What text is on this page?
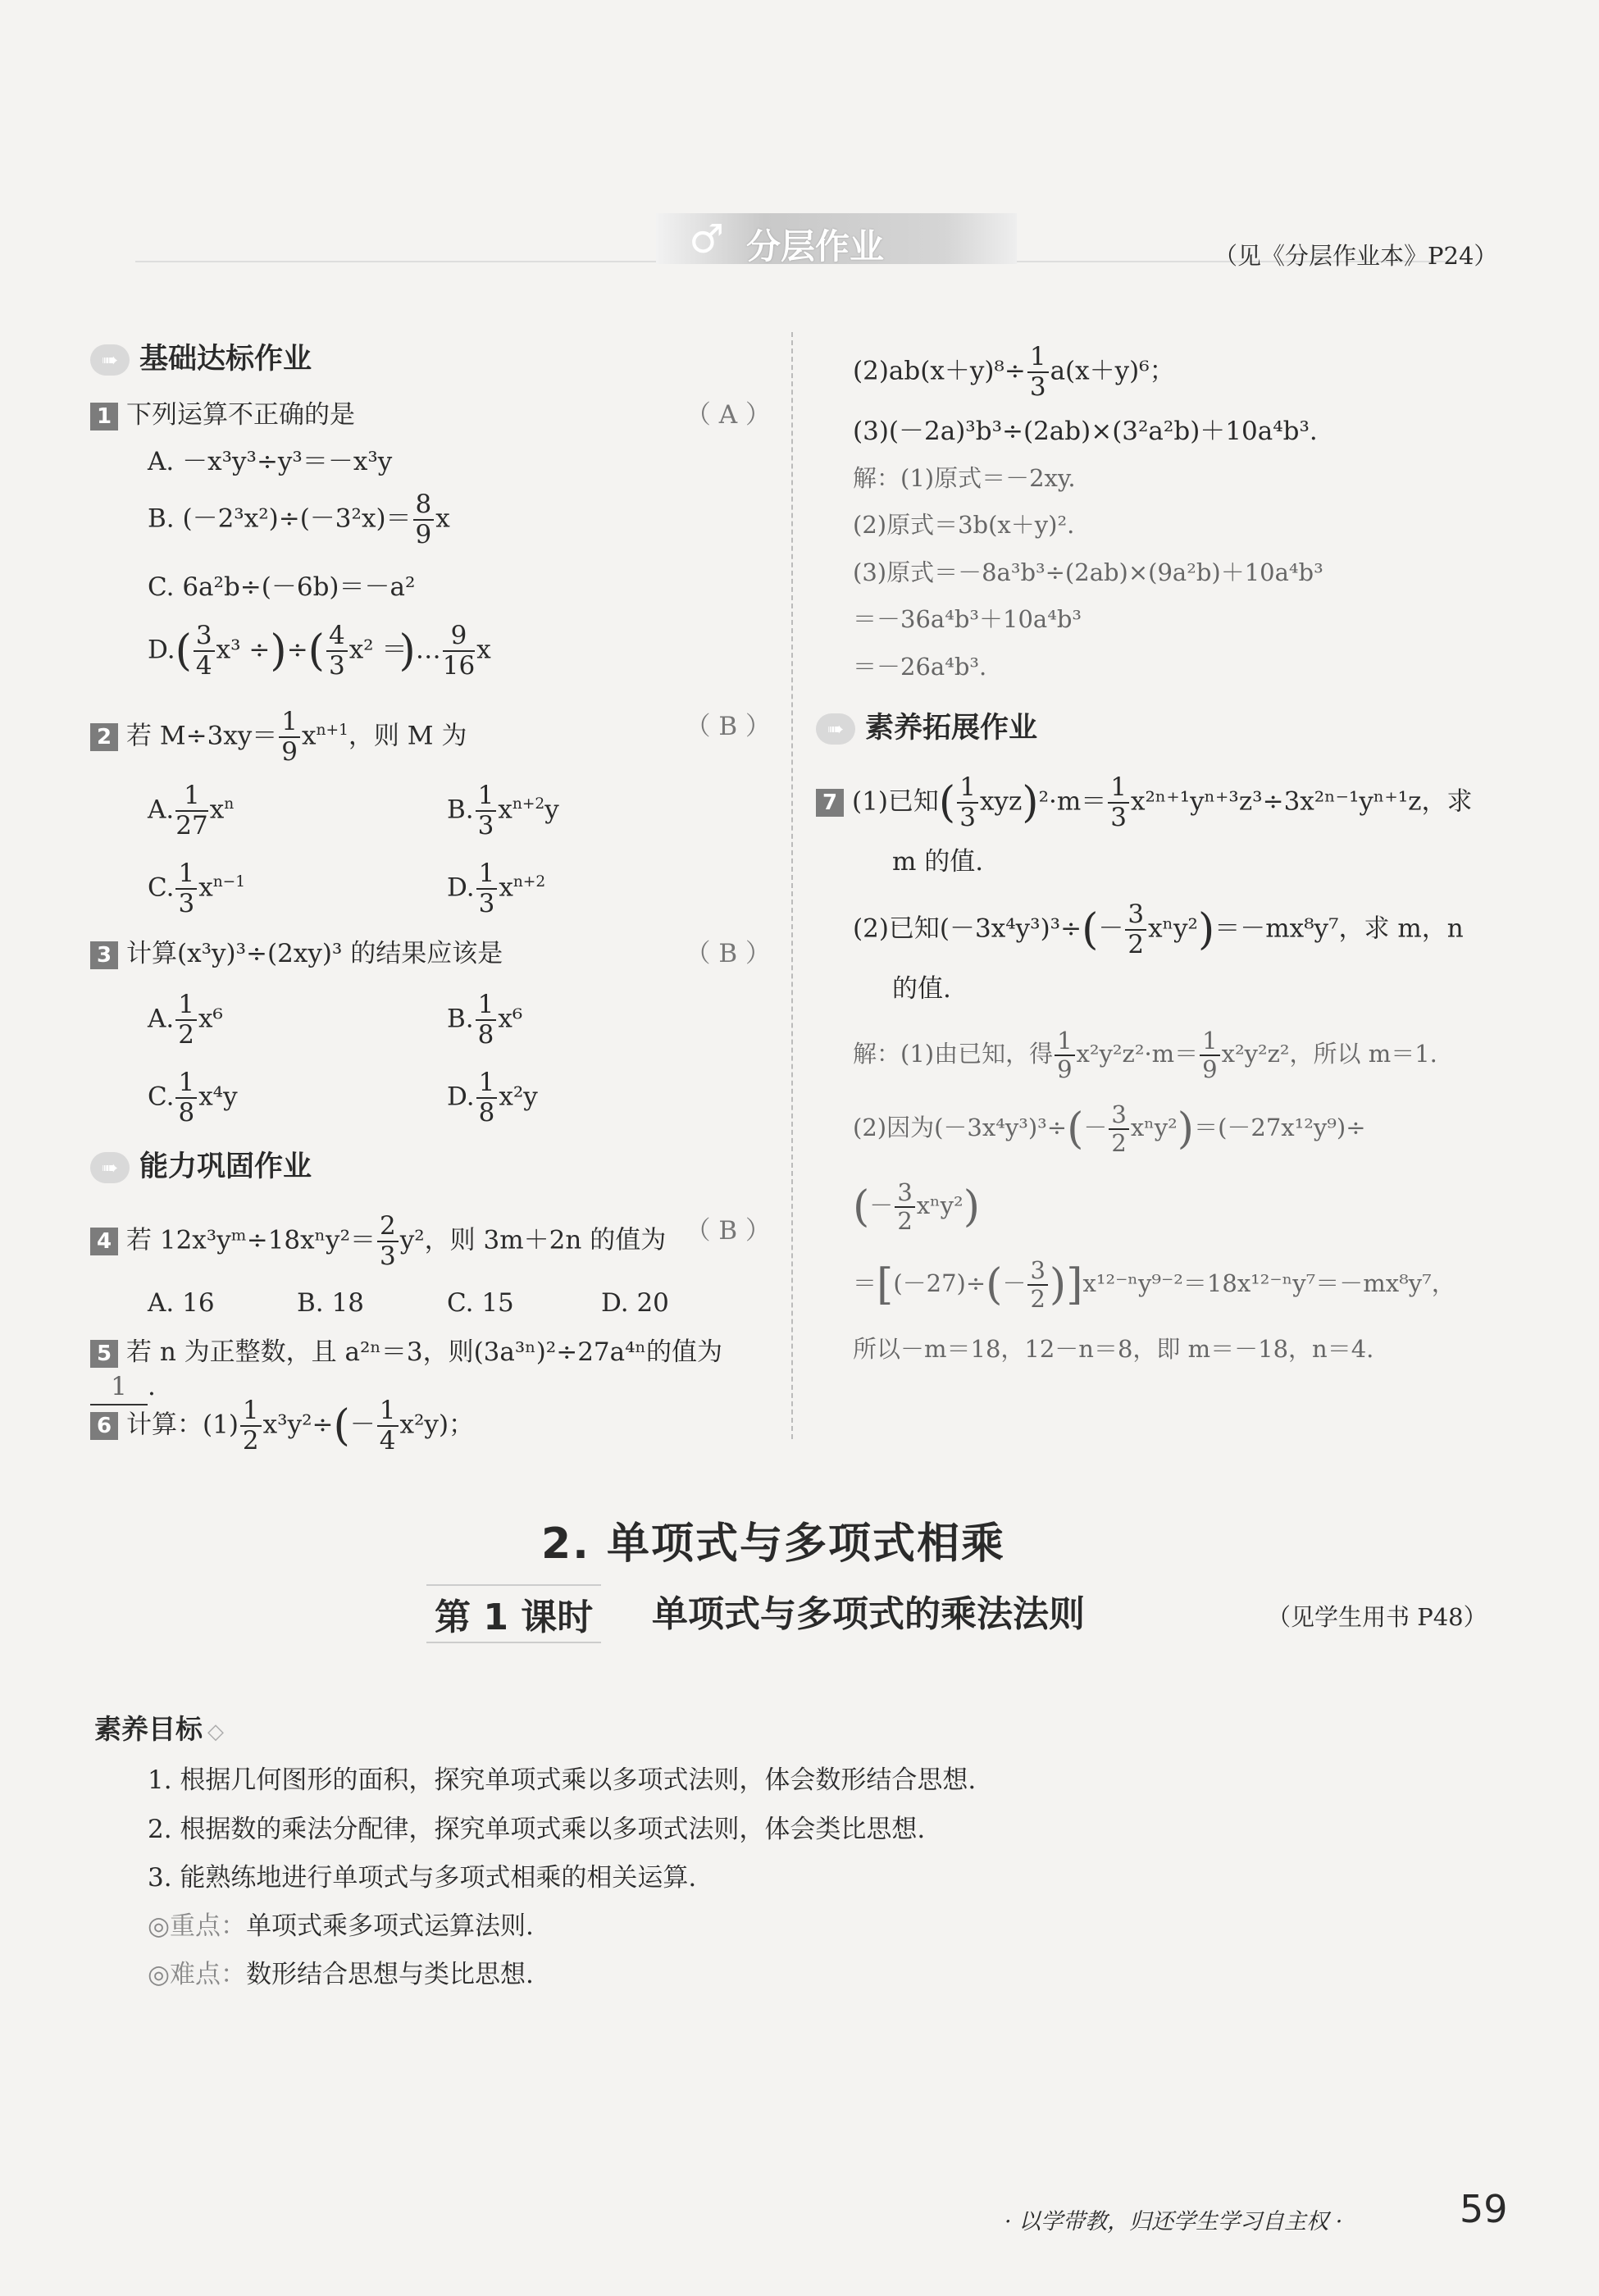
♂ 分层作业	（见《分层作业本》P24）
➠ 基础达标作业
1 下列运算不正确的是	（ A ）
A. －x³y³÷y³＝－x³y
B. $(-2^3x^2)\div(-3^2x)= \frac{8}{9}$ x
C. 6a²b÷(－6b)＝－a²
$D.( \frac{3}{4} x^3$ ÷)÷( $\frac{4}{3} x^2$ ＝)… $\frac{9}{16}$ x
2 若 $M\div 3xy= \frac{1}{9} x^{n+1}$，则 M 为	（ B ）
A. $\frac{1}{27} x^n$	B. $\frac{1}{3} x^{n+2}y$
C. $\frac{1}{3} x^{n-1}$	D. $\frac{1}{3} x^{n+2}$
3 计算(x³y)³÷(2xy)³ 的结果应该是	（ B ）
A. $\frac{1}{2} x^6$	B. $\frac{1}{8} x^6$
C. $\frac{1}{8} x^4y$	D. $\frac{1}{8} x^2y$
➠ 能力巩固作业
4 若 12x³yᵐ÷18xⁿy²＝ $\frac{2}{3} y^2$，则 3m＋2n 的值为 （ B ）
A. 16	B. 18	C. 15	D. 20
5 若 n 为正整数，且 a²ⁿ＝3，则(3a³ⁿ)²÷27a⁴ⁿ的值为1 .
6 计算：$(1) \frac{1}{2} x^3y^2\div(- \frac{1}{4} x^2y)$；
$(2)ab(x+y)^8\div \frac{1}{3} a(x+y)^6$；
(3)(－2a)³b³÷(2ab)×(3²a²b)＋10a⁴b³.
解：(1)原式＝－2xy.
(2)原式＝3b(x＋y)².
(3)原式＝－8a³b³÷(2ab)×(9a²b)＋10a⁴b³
＝－36a⁴b³＋10a⁴b³
＝－26a⁴b³.
➠ 素养拓展作业
7 (1)已知( $\frac{1}{3} xyz)^2\cdot m= \frac{1}{3} x^{2n+1}y^{n+3}z^3\div 3x^{2n-1}y^{n+1}z$，求
m 的值.
(2)已知$(-3x^4y^3)^3\div(- \frac{3}{2} x^ny^2)=-mx^8y^7$，求 m，n
的值.
解：(1)由已知，得 $\frac{1}{9} x^2y^2z^2\cdot m= \frac{1}{9} x^2y^2z^2$，所以 m＝1.
(2)因为$(-3x^4y^3)^3\div(- \frac{3}{2} x^ny^2)=(-27x^{12}y^9)\div$
(－ $\frac{3}{2} x^ny^2$)
$=[(-27)\div(- \frac{3}{2} )]x^{12-n}y^{9-2}=18x^{12-n}y^7=-mx^8y^7$，
所以－m＝18，12－n＝8，即 m＝－18，n＝4.
2. 单项式与多项式相乘
第 1 课时 单项式与多项式的乘法法则	（见学生用书 P48）
素养目标 ◇
1. 根据几何图形的面积，探究单项式乘以多项式法则，体会数形结合思想.
2. 根据数的乘法分配律，探究单项式乘以多项式法则，体会类比思想.
3. 能熟练地进行单项式与多项式相乘的相关运算.
◎重点：单项式乘多项式运算法则.
◎难点：数形结合思想与类比思想.
· 以学带教，归还学生学习自主权 ·	59
